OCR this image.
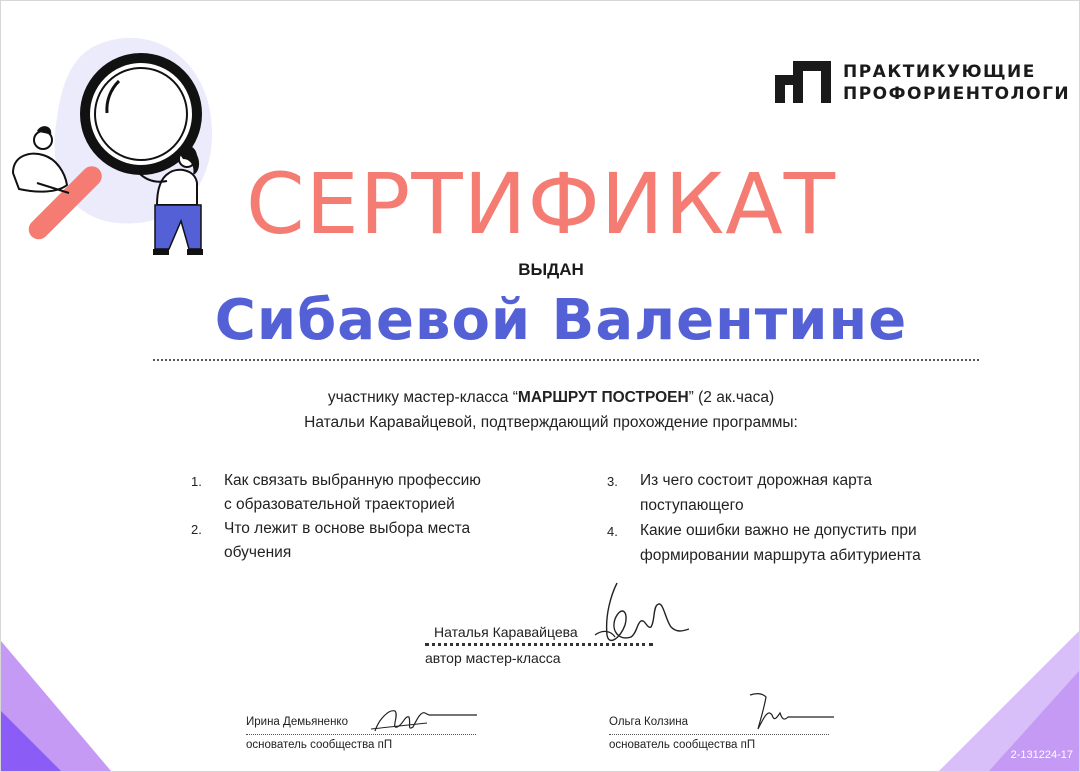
ПРАКТИКУЮЩИЕ
ПРОФОРИЕНТОЛОГИ
СЕРТИФИКАТ
ВЫДАН
Сибаевой Валентине
участнику мастер-класса “МАРШРУТ ПОСТРОЕН” (2 ак.часа)
Натальи Каравайцевой, подтверждающий прохождение программы:
1. Как связать выбранную профессию
с образовательной траекторией
2. Что лежит в основе выбора места
обучения
3. Из чего состоит дорожная карта
поступающего
4. Какие ошибки важно не допустить при
формировании маршрута абитуриента
Наталья Каравайцева
автор мастер-класса
Ирина Демьяненко
основатель сообщества пП
Ольга Колзина
основатель сообщества пП
2-131224-17
